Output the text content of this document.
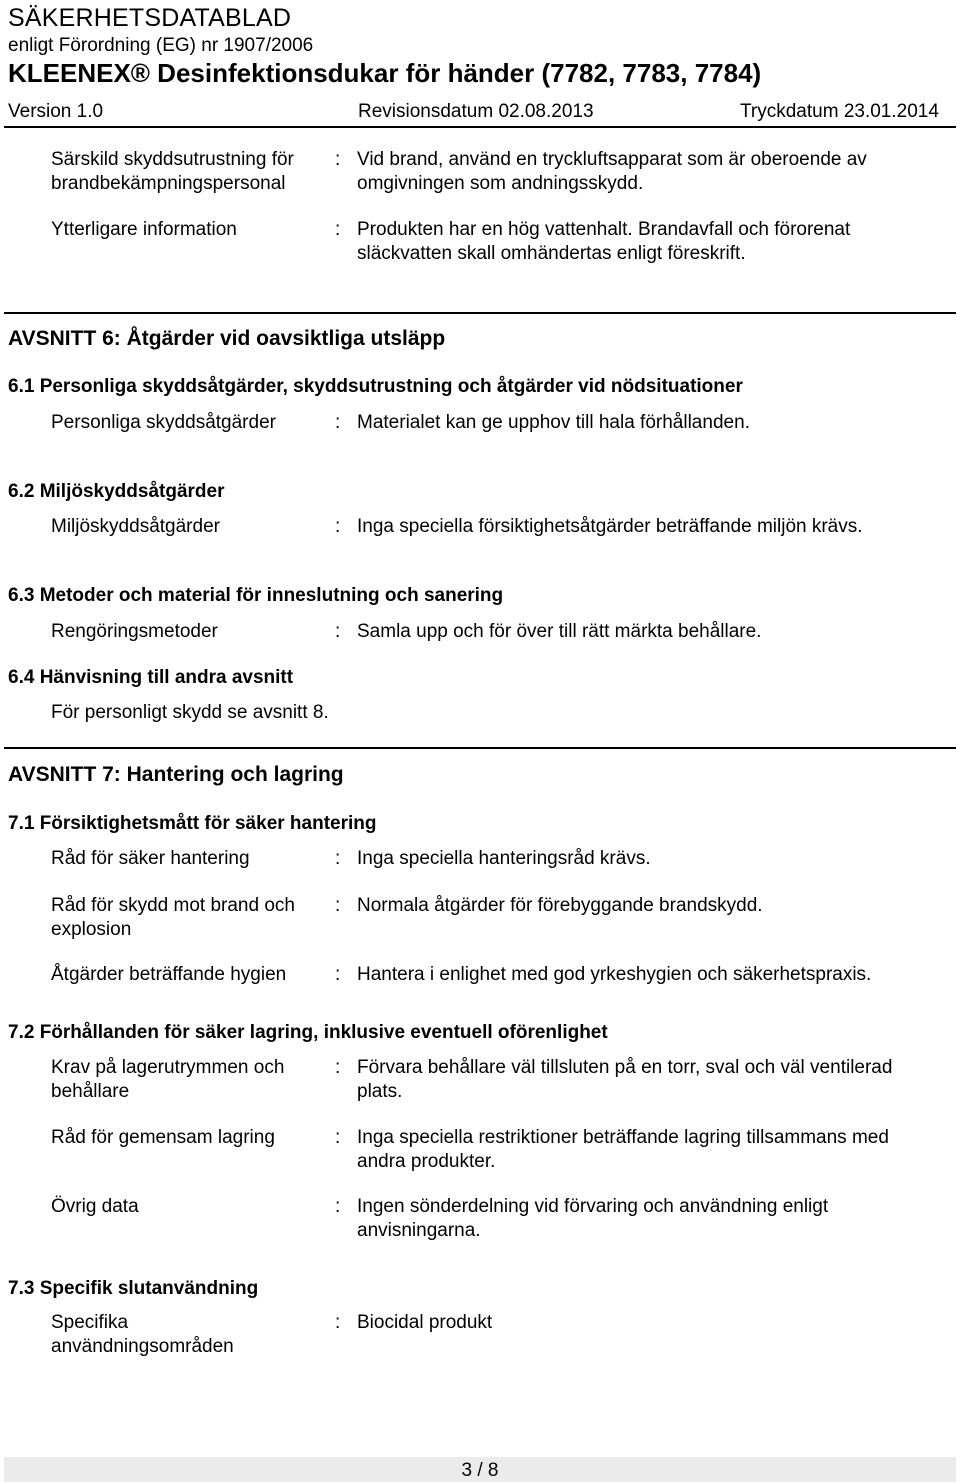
SÄKERHETSDATABLAD
enligt Förordning (EG) nr 1907/2006
KLEENEX® Desinfektionsdukar för händer (7782, 7783, 7784)
Version 1.0	Revisionsdatum 02.08.2013	Tryckdatum 23.01.2014
Särskild skyddsutrustning för brandbekämpningspersonal
: Vid brand, använd en tryckluftsapparat som är oberoende av omgivningen som andningsskydd.
Ytterligare information	: Produkten har en hög vattenhalt. Brandavfall och förorenat släckvatten skall omhändertas enligt föreskrift.
AVSNITT 6: Åtgärder vid oavsiktliga utsläpp
6.1 Personliga skyddsåtgärder, skyddsutrustning och åtgärder vid nödsituationer
Personliga skyddsåtgärder	: Materialet kan ge upphov till hala förhållanden.
6.2 Miljöskyddsåtgärder
Miljöskyddsåtgärder	: Inga speciella försiktighetsåtgärder beträffande miljön krävs.
6.3 Metoder och material för inneslutning och sanering
Rengöringsmetoder	: Samla upp och för över till rätt märkta behållare.
6.4 Hänvisning till andra avsnitt
För personligt skydd se avsnitt 8.
AVSNITT 7: Hantering och lagring
7.1 Försiktighetsmått för säker hantering
Råd för säker hantering	: Inga speciella hanteringsråd krävs.
Råd för skydd mot brand och explosion
: Normala åtgärder för förebyggande brandskydd.
Åtgärder beträffande hygien	: Hantera i enlighet med god yrkeshygien och säkerhetspraxis.
7.2 Förhållanden för säker lagring, inklusive eventuell oförenlighet
Krav på lagerutrymmen och behållare
: Förvara behållare väl tillsluten på en torr, sval och väl ventilerad plats.
Råd för gemensam lagring	: Inga speciella restriktioner beträffande lagring tillsammans med andra produkter.
Övrig data	: Ingen sönderdelning vid förvaring och användning enligt anvisningarna.
7.3 Specifik slutanvändning
Specifika användningsområden
: Biocidal produkt
3 / 8
